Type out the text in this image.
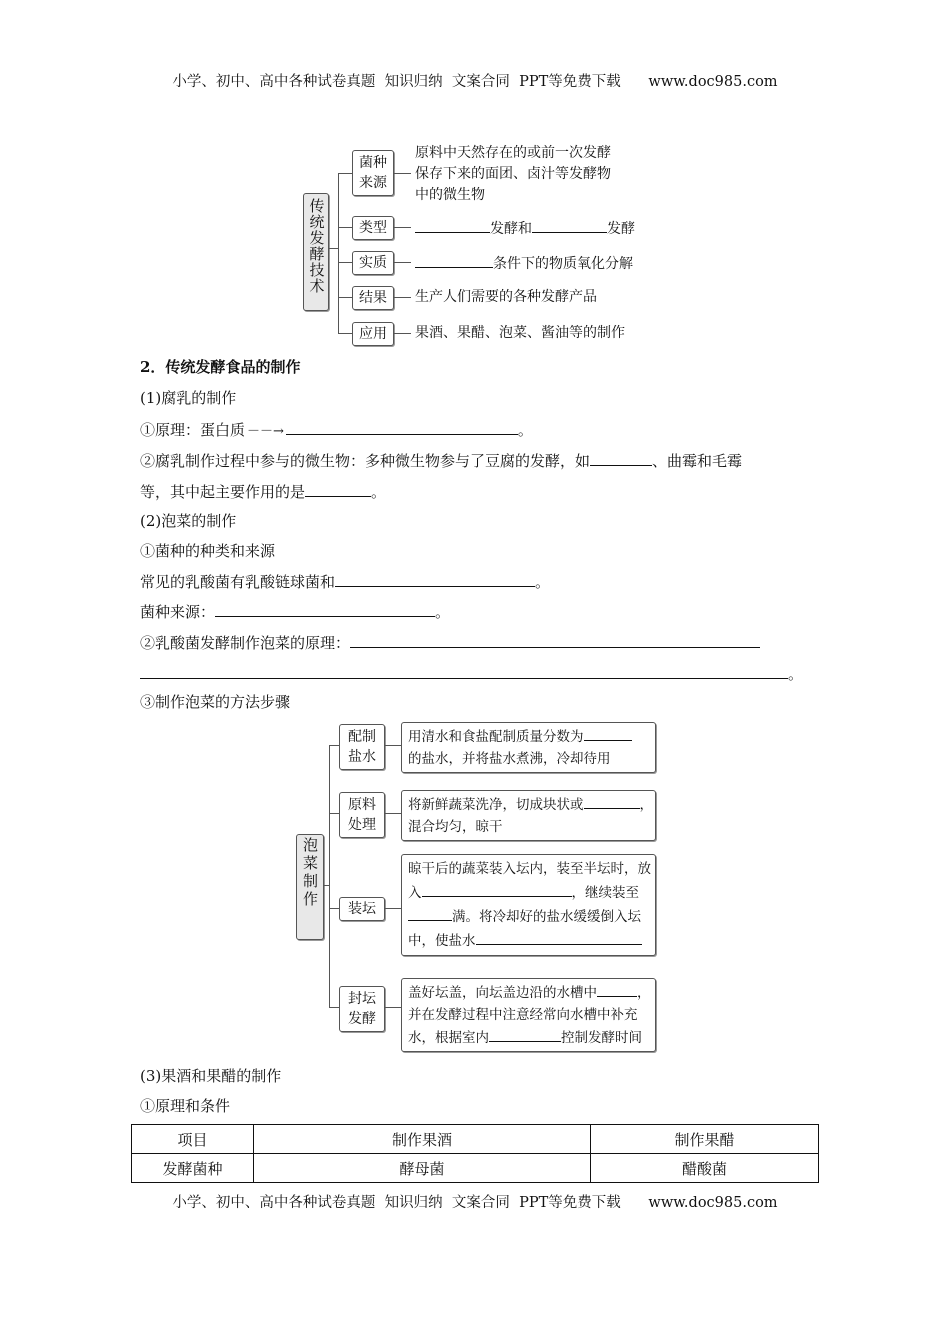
小学、初中、高中各种试卷真题  知识归纳  文案合同  PPT等免费下载      www.doc985.com
传统发酵技术
菌种来源
原料中天然存在的或前一次发酵
保存下来的面团、卤汁等发酵物
中的微生物
类型	发酵和	发酵
实质	条件下的物质氧化分解
结果	生产人们需要的各种发酵产品
应用	果酒、果醋、泡菜、酱油等的制作
2．传统发酵食品的制作
(1)腐乳的制作
①原理：蛋白质 －－→	。
②腐乳制作过程中参与的微生物：多种微生物参与了豆腐的发酵，如	、曲霉和毛霉
等，其中起主要作用的是	。
(2)泡菜的制作
①菌种的种类和来源
常见的乳酸菌有乳酸链球菌和	。
菌种来源：	。
②乳酸菌发酵制作泡菜的原理：
。
③制作泡菜的方法步骤
泡菜制作
配制盐水
用清水和食盐配制质量分数为
的盐水，并将盐水煮沸，冷却待用
原料处理
将新鲜蔬菜洗净，切成块状或	，
混合均匀，晾干
装坛
晾干后的蔬菜装入坛内，装至半坛时，放
入	，继续装至
满。将冷却好的盐水缓缓倒入坛
中，使盐水
封坛发酵
盖好坛盖，向坛盖边沿的水槽中	，
并在发酵过程中注意经常向水槽中补充
水，根据室内	控制发酵时间
(3)果酒和果醋的制作
①原理和条件
项目	制作果酒	制作果醋
发酵菌种	酵母菌	醋酸菌
小学、初中、高中各种试卷真题  知识归纳  文案合同  PPT等免费下载      www.doc985.com
